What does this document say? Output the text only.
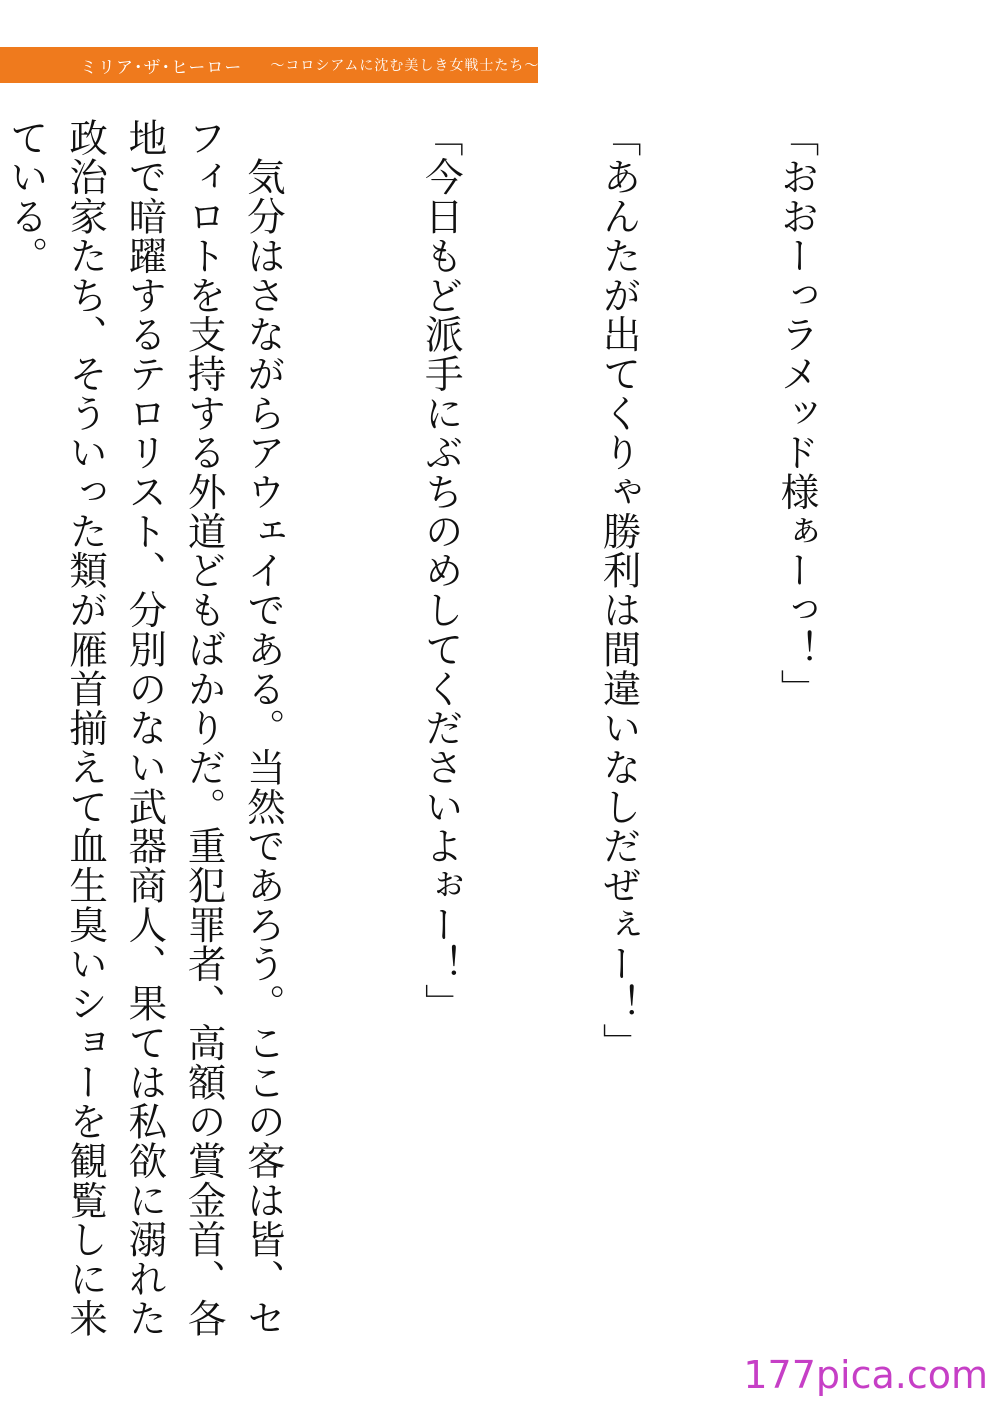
ミリア･ザ･ヒーロー ～コロシアムに沈む美しき女戦士たち～

「おおーっラメッド様ぁーっ！」

「あんたが出てくりゃ勝利は間違いなしだぜぇー！」

「今日もど派手にぶちのめしてくださいよぉー！」

　気分はさながらアウェイである。当然であろう。ここの客は皆、セフィロトを支持する外道どもばかりだ。重犯罪者、高額の賞金首、各地で暗躍するテロリスト、分別のない武器商人、果ては私欲に溺れた政治家たち、そういった類が雁首揃えて血生臭いショーを観覧しに来ている。

177pica.com
